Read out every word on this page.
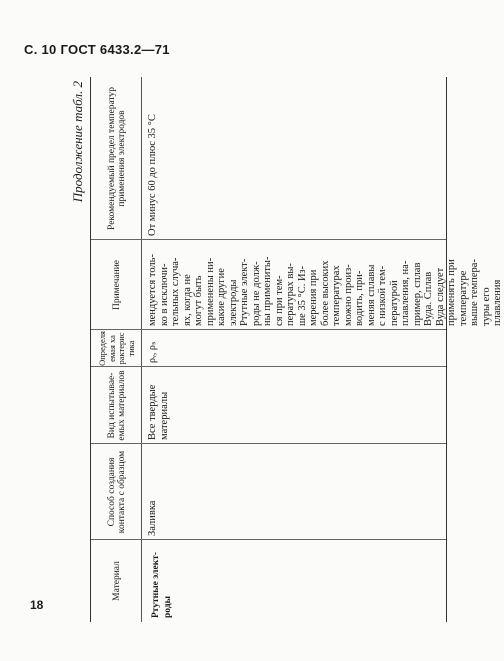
С. 10 ГОСТ 6433.2—71
18
Продолжение табл. 2
Материал
Способ создания контакта с образцом
Вид испытывае-емых материалов
Определя емая ха рактерис тика
Примечание
Рекомендуемый предел температур применения электродов
Ртутные элект-роды
Заливка
Все твердые материалы
ρᵥ, ρₛ
мендуется толь-
ко в исключи-
тельных случа-
ях, когда не
могут быть
применены ни-
какие другие
электроды
Ртутные элект-
роды не долж-
ны примениты-
ся при тем-
пературах вы-
ше 35 °С. Из-
мерения при
более высоких
температурах
можно произ-
водить, при-
меняя сплавы
с низкой тем-
пературой
плавления, на-
пример, сплав
Вуда. Сплав
Вуда следует
применять при
температуре
выше темпера-
туры его
плавления
От минус 60 до плюс 35 °С
